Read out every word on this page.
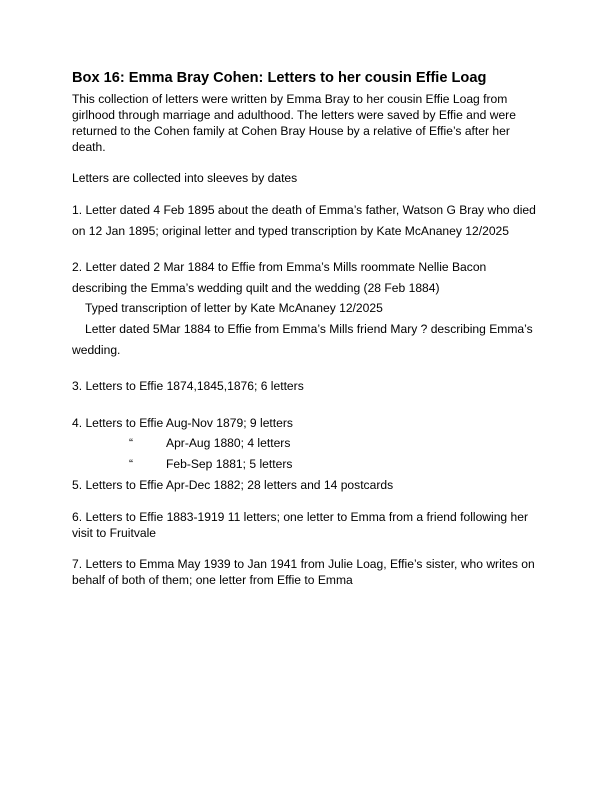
Box 16: Emma Bray Cohen: Letters to her cousin Effie Loag
This collection of letters were written by Emma Bray to her cousin Effie Loag from
girlhood through marriage and adulthood. The letters were saved by Effie and were
returned to the Cohen family at Cohen Bray House by a relative of Effie’s after her
death.
Letters are collected into sleeves by dates
1. Letter dated 4 Feb 1895 about the death of Emma’s father, Watson G Bray who died
on 12 Jan 1895; original letter and typed transcription by Kate McAnaney 12/2025
2. Letter dated 2 Mar 1884 to Effie from Emma’s Mills roommate Nellie Bacon
describing the Emma’s wedding quilt and the wedding (28 Feb 1884)
Typed transcription of letter by Kate McAnaney 12/2025
Letter dated 5Mar 1884 to Effie from Emma’s Mills friend Mary ? describing Emma’s
wedding.
3. Letters to Effie 1874,1845,1876; 6 letters
4. Letters to Effie Aug-Nov 1879; 9 letters
“	Apr-Aug 1880; 4 letters
“	Feb-Sep 1881; 5 letters
5. Letters to Effie Apr-Dec 1882; 28 letters and 14 postcards
6. Letters to Effie 1883-1919 11 letters; one letter to Emma from a friend following her
visit to Fruitvale
7. Letters to Emma May 1939 to Jan 1941 from Julie Loag, Effie’s sister, who writes on
behalf of both of them; one letter from Effie to Emma
